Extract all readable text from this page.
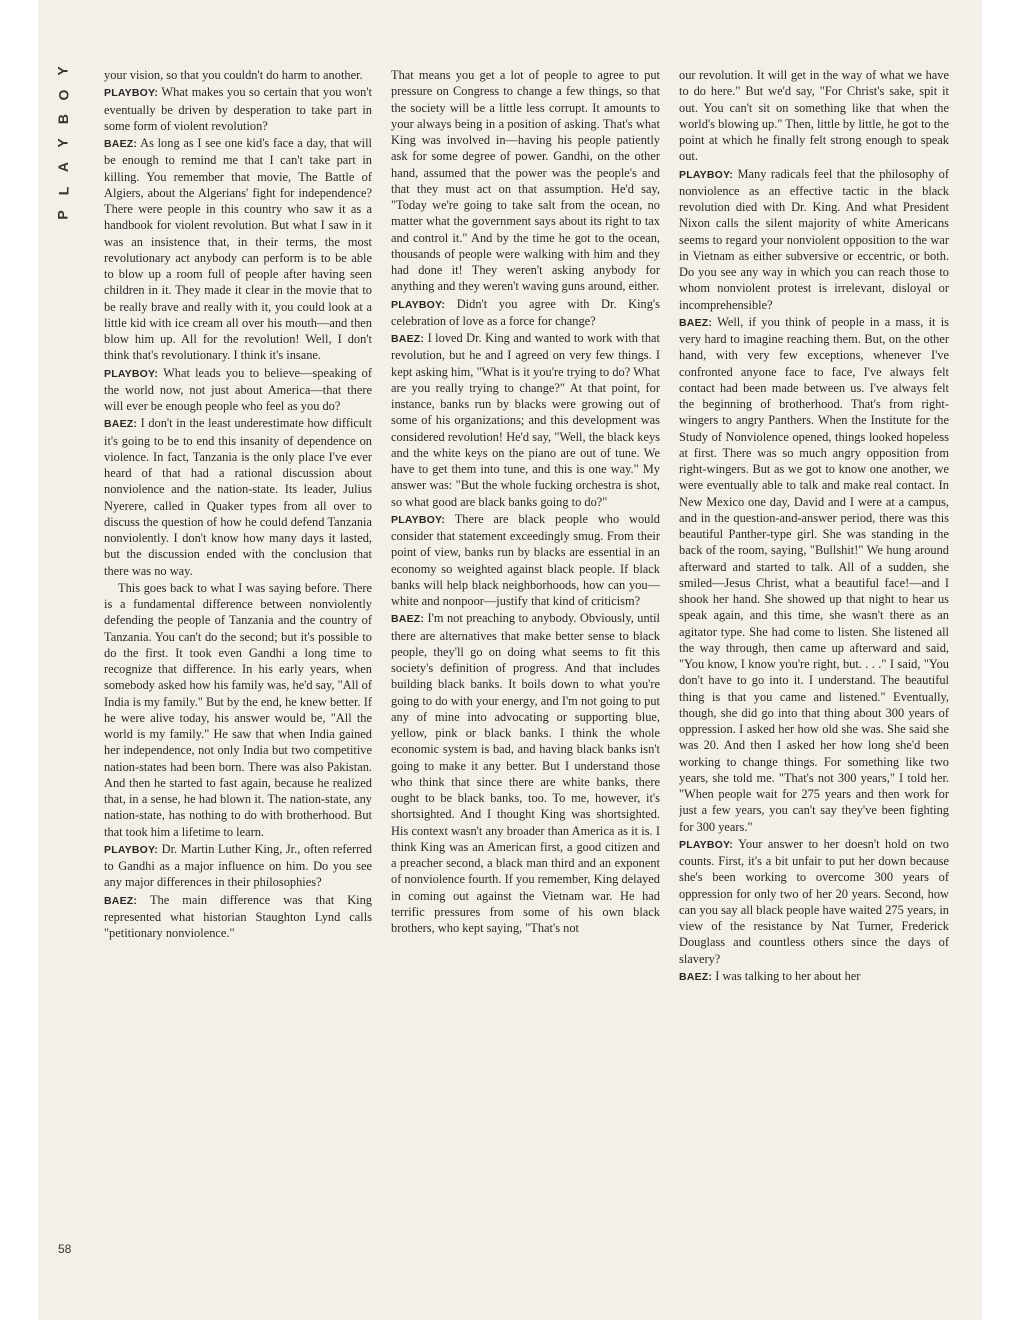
Y
O
B
Y
A
L
P
58

your vision, so that you couldn't do harm to another.

PLAYBOY: What makes you so certain that you won't eventually be driven by desperation to take part in some form of violent revolution?

BAEZ: As long as I see one kid's face a day, that will be enough to remind me that I can't take part in killing. You remember that movie, The Battle of Algiers, about the Algerians' fight for independence? There were people in this country who saw it as a handbook for violent revolution. But what I saw in it was an insistence that, in their terms, the most revolutionary act anybody can perform is to be able to blow up a room full of people after having seen children in it. They made it clear in the movie that to be really brave and really with it, you could look at a little kid with ice cream all over his mouth—and then blow him up. All for the revolution! Well, I don't think that's revolutionary. I think it's insane.

PLAYBOY: What leads you to believe—speaking of the world now, not just about America—that there will ever be enough people who feel as you do?

BAEZ: I don't in the least underestimate how difficult it's going to be to end this insanity of dependence on violence. In fact, Tanzania is the only place I've ever heard of that had a rational discussion about nonviolence and the nation-state. Its leader, Julius Nyerere, called in Quaker types from all over to discuss the question of how he could defend Tanzania nonviolently. I don't know how many days it lasted, but the discussion ended with the conclusion that there was no way.

This goes back to what I was saying before. There is a fundamental difference between nonviolently defending the people of Tanzania and the country of Tanzania. You can't do the second; but it's possible to do the first. It took even Gandhi a long time to recognize that difference. In his early years, when somebody asked how his family was, he'd say, "All of India is my family." But by the end, he knew better. If he were alive today, his answer would be, "All the world is my family." He saw that when India gained her independence, not only India but two competitive nation-states had been born. There was also Pakistan. And then he started to fast again, because he realized that, in a sense, he had blown it. The nation-state, any nation-state, has nothing to do with brotherhood. But that took him a lifetime to learn.

PLAYBOY: Dr. Martin Luther King, Jr., often referred to Gandhi as a major influence on him. Do you see any major differences in their philosophies?

BAEZ: The main difference was that King represented what historian Staughton Lynd calls "petitionary nonviolence."

That means you get a lot of people to agree to put pressure on Congress to change a few things, so that the society will be a little less corrupt. It amounts to your always being in a position of asking. That's what King was involved in—having his people patiently ask for some degree of power. Gandhi, on the other hand, assumed that the power was the people's and that they must act on that assumption. He'd say, "Today we're going to take salt from the ocean, no matter what the government says about its right to tax and control it." And by the time he got to the ocean, thousands of people were walking with him and they had done it! They weren't asking anybody for anything and they weren't waving guns around, either.

PLAYBOY: Didn't you agree with Dr. King's celebration of love as a force for change?

BAEZ: I loved Dr. King and wanted to work with that revolution, but he and I agreed on very few things. I kept asking him, "What is it you're trying to do? What are you really trying to change?" At that point, for instance, banks run by blacks were growing out of some of his organizations; and this development was considered revolution! He'd say, "Well, the black keys and the white keys on the piano are out of tune. We have to get them into tune, and this is one way." My answer was: "But the whole fucking orchestra is shot, so what good are black banks going to do?"

PLAYBOY: There are black people who would consider that statement exceedingly smug. From their point of view, banks run by blacks are essential in an economy so weighted against black people. If black banks will help black neighborhoods, how can you—white and nonpoor—justify that kind of criticism?

BAEZ: I'm not preaching to anybody. Obviously, until there are alternatives that make better sense to black people, they'll go on doing what seems to fit this society's definition of progress. And that includes building black banks. It boils down to what you're going to do with your energy, and I'm not going to put any of mine into advocating or supporting blue, yellow, pink or black banks. I think the whole economic system is bad, and having black banks isn't going to make it any better. But I understand those who think that since there are white banks, there ought to be black banks, too. To me, however, it's shortsighted. And I thought King was shortsighted. His context wasn't any broader than America as it is. I think King was an American first, a good citizen and a preacher second, a black man third and an exponent of nonviolence fourth. If you remember, King delayed in coming out against the Vietnam war. He had terrific pressures from some of his own black brothers, who kept saying, "That's not

our revolution. It will get in the way of what we have to do here." But we'd say, "For Christ's sake, spit it out. You can't sit on something like that when the world's blowing up." Then, little by little, he got to the point at which he finally felt strong enough to speak out.

PLAYBOY: Many radicals feel that the philosophy of nonviolence as an effective tactic in the black revolution died with Dr. King. And what President Nixon calls the silent majority of white Americans seems to regard your nonviolent opposition to the war in Vietnam as either subversive or eccentric, or both. Do you see any way in which you can reach those to whom nonviolent protest is irrelevant, disloyal or incomprehensible?

BAEZ: Well, if you think of people in a mass, it is very hard to imagine reaching them. But, on the other hand, with very few exceptions, whenever I've confronted anyone face to face, I've always felt contact had been made between us. I've always felt the beginning of brotherhood. That's from right-wingers to angry Panthers. When the Institute for the Study of Nonviolence opened, things looked hopeless at first. There was so much angry opposition from right-wingers. But as we got to know one another, we were eventually able to talk and make real contact. In New Mexico one day, David and I were at a campus, and in the question-and-answer period, there was this beautiful Panther-type girl. She was standing in the back of the room, saying, "Bullshit!" We hung around afterward and started to talk. All of a sudden, she smiled—Jesus Christ, what a beautiful face!—and I shook her hand. She showed up that night to hear us speak again, and this time, she wasn't there as an agitator type. She had come to listen. She listened all the way through, then came up afterward and said, "You know, I know you're right, but. . . ." I said, "You don't have to go into it. I understand. The beautiful thing is that you came and listened." Eventually, though, she did go into that thing about 300 years of oppression. I asked her how old she was. She said she was 20. And then I asked her how long she'd been working to change things. For something like two years, she told me. "That's not 300 years," I told her. "When people wait for 275 years and then work for just a few years, you can't say they've been fighting for 300 years."

PLAYBOY: Your answer to her doesn't hold on two counts. First, it's a bit unfair to put her down because she's been working to overcome 300 years of oppression for only two of her 20 years. Second, how can you say all black people have waited 275 years, in view of the resistance by Nat Turner, Frederick Douglass and countless others since the days of slavery?

BAEZ: I was talking to her about her
